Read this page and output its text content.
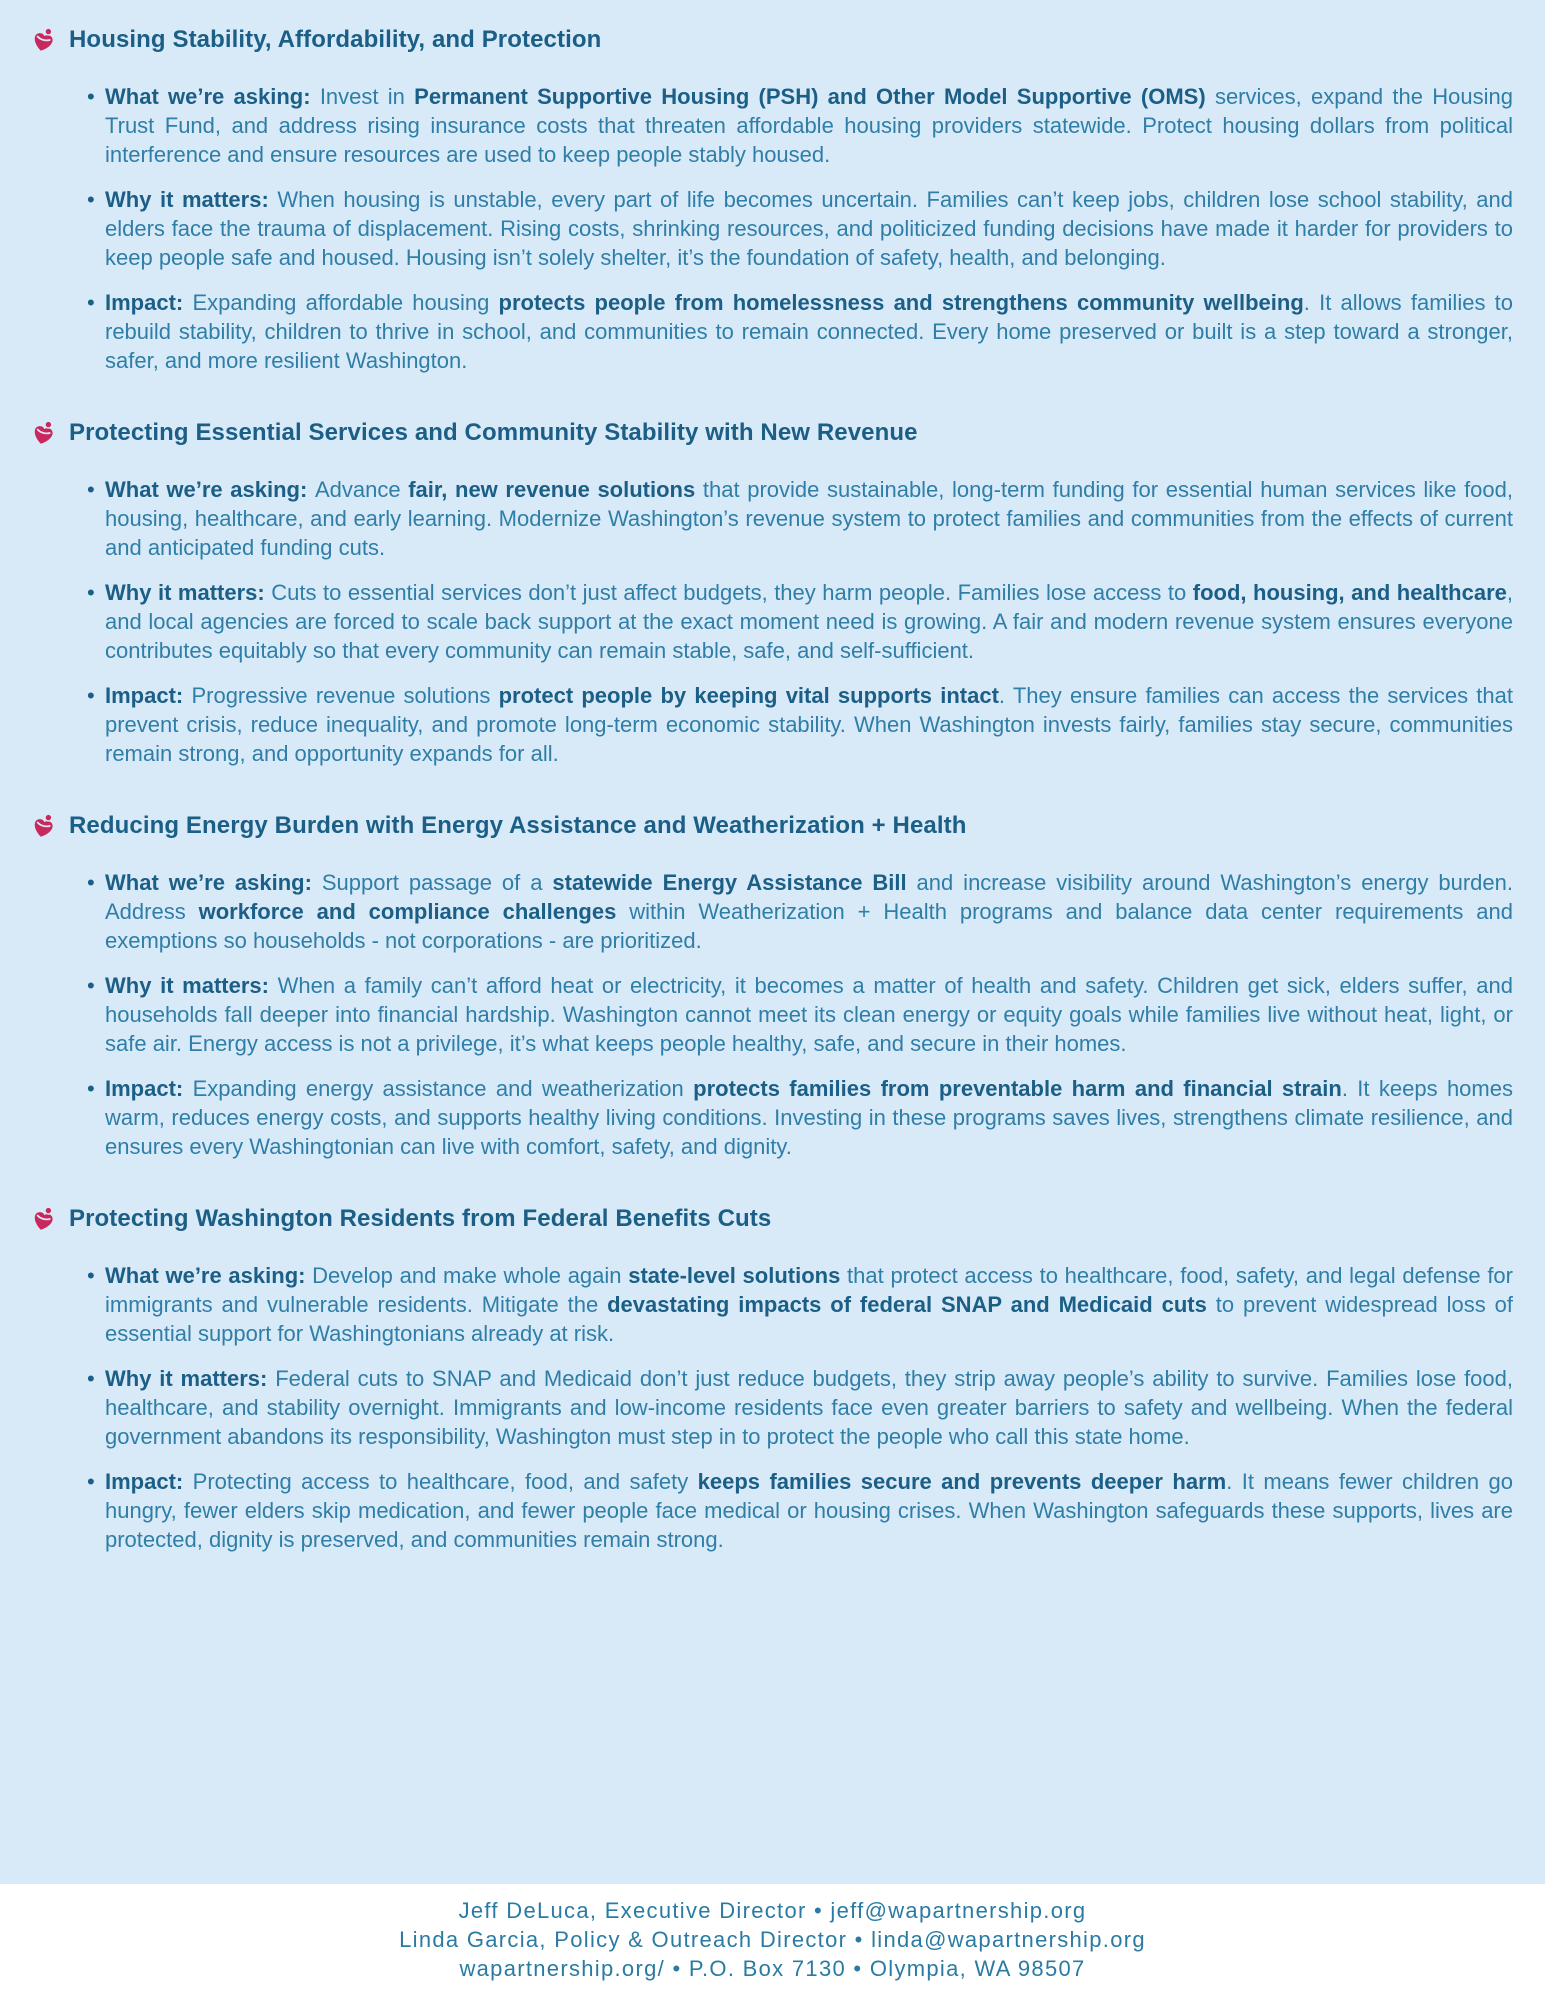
Housing Stability, Affordability, and Protection
• What we’re asking: Invest in Permanent Supportive Housing (PSH) and Other Model Supportive (OMS) services, expand the Housing Trust Fund, and address rising insurance costs that threaten affordable housing providers statewide. Protect housing dollars from political interference and ensure resources are used to keep people stably housed.
• Why it matters: When housing is unstable, every part of life becomes uncertain. Families can’t keep jobs, children lose school stability, and elders face the trauma of displacement. Rising costs, shrinking resources, and politicized funding decisions have made it harder for providers to keep people safe and housed. Housing isn’t solely shelter, it’s the foundation of safety, health, and belonging.
• Impact: Expanding affordable housing protects people from homelessness and strengthens community wellbeing. It allows families to rebuild stability, children to thrive in school, and communities to remain connected. Every home preserved or built is a step toward a stronger, safer, and more resilient Washington.
Protecting Essential Services and Community Stability with New Revenue
• What we’re asking: Advance fair, new revenue solutions that provide sustainable, long-term funding for essential human services like food, housing, healthcare, and early learning. Modernize Washington’s revenue system to protect families and communities from the effects of current and anticipated funding cuts.
• Why it matters: Cuts to essential services don’t just affect budgets, they harm people. Families lose access to food, housing, and healthcare, and local agencies are forced to scale back support at the exact moment need is growing. A fair and modern revenue system ensures everyone contributes equitably so that every community can remain stable, safe, and self-sufficient.
• Impact: Progressive revenue solutions protect people by keeping vital supports intact. They ensure families can access the services that prevent crisis, reduce inequality, and promote long-term economic stability. When Washington invests fairly, families stay secure, communities remain strong, and opportunity expands for all.
Reducing Energy Burden with Energy Assistance and Weatherization + Health
• What we’re asking: Support passage of a statewide Energy Assistance Bill and increase visibility around Washington’s energy burden. Address workforce and compliance challenges within Weatherization + Health programs and balance data center requirements and exemptions so households - not corporations - are prioritized.
• Why it matters: When a family can’t afford heat or electricity, it becomes a matter of health and safety. Children get sick, elders suffer, and households fall deeper into financial hardship. Washington cannot meet its clean energy or equity goals while families live without heat, light, or safe air. Energy access is not a privilege, it’s what keeps people healthy, safe, and secure in their homes.
• Impact: Expanding energy assistance and weatherization protects families from preventable harm and financial strain. It keeps homes warm, reduces energy costs, and supports healthy living conditions. Investing in these programs saves lives, strengthens climate resilience, and ensures every Washingtonian can live with comfort, safety, and dignity.
Protecting Washington Residents from Federal Benefits Cuts
• What we’re asking: Develop and make whole again state-level solutions that protect access to healthcare, food, safety, and legal defense for immigrants and vulnerable residents. Mitigate the devastating impacts of federal SNAP and Medicaid cuts to prevent widespread loss of essential support for Washingtonians already at risk.
• Why it matters: Federal cuts to SNAP and Medicaid don’t just reduce budgets, they strip away people’s ability to survive. Families lose food, healthcare, and stability overnight. Immigrants and low-income residents face even greater barriers to safety and wellbeing. When the federal government abandons its responsibility, Washington must step in to protect the people who call this state home.
• Impact: Protecting access to healthcare, food, and safety keeps families secure and prevents deeper harm. It means fewer children go hungry, fewer elders skip medication, and fewer people face medical or housing crises. When Washington safeguards these supports, lives are protected, dignity is preserved, and communities remain strong.
Jeff DeLuca, Executive Director • jeff@wapartnership.org
Linda Garcia, Policy & Outreach Director • linda@wapartnership.org
wapartnership.org/ • P.O. Box 7130 • Olympia, WA 98507
